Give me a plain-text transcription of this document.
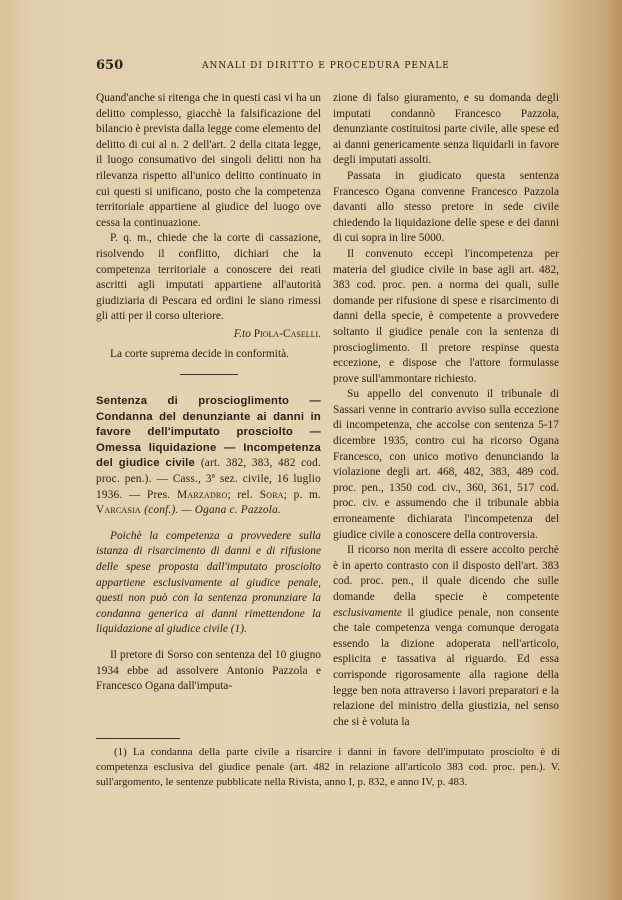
650	ANNALI DI DIRITTO E PROCEDURA PENALE

Quand'anche si ritenga che in questi casi vi ha un delitto complesso, giacchè la falsificazione del bilancio è prevista dalla legge come elemento del delitto di cui al n. 2 dell'art. 2 della citata legge, il luogo consumativo dei singoli delitti non ha rilevanza rispetto all'unico delitto continuato in cui questi si unificano, posto che la competenza territoriale appartiene al giudice del luogo ove cessa la continuazione.

P. q. m., chiede che la corte di cassazione, risolvendo il conflitto, dichiari che la competenza territoriale a conoscere dei reati ascritti agli imputati appartiene all'autorità giudiziaria di Pescara ed ordini le siano rimessi gli atti per il corso ulteriore.

F.to Piola-Caselli.

La corte suprema decide in conformità.

Sentenza di proscioglimento — Condanna del denunziante ai danni in favore dell'imputato prosciolto — Omessa liquidazione — Incompetenza del giudice civile (art. 382, 383, 482 cod. proc. pen.). — Cass., 3ª sez. civile, 16 luglio 1936. — Pres. Marzadro; rel. Sora; p. m. Varcasia (conf.). — Ogana c. Pazzola.

Poichè la competenza a provvedere sulla istanza di risarcimento di danni e di rifusione delle spese proposta dall'imputato prosciolto appartiene esclusivamente al giudice penale, questi non può con la sentenza pronunziare la condanna generica ai danni rimettendone la liquidazione al giudice civile (1).

Il pretore di Sorso con sentenza del 10 giugno 1934 ebbe ad assolvere Antonio Pazzola e Francesco Ogana dall'imputa-

zione di falso giuramento, e su domanda degli imputati condannò Francesco Pazzola, denunziante costituitosi parte civile, alle spese ed ai danni genericamente senza liquidarli in favore degli imputati assolti.

Passata in giudicato questa sentenza Francesco Ogana convenne Francesco Pazzola davanti allo stesso pretore in sede civile chiedendo la liquidazione delle spese e dei danni di cui sopra in lire 5000.

Il convenuto eccepì l'incompetenza per materia del giudice civile in base agli art. 482, 383 cod. proc. pen. a norma dei quali, sulle domande per rifusione di spese e risarcimento di danni della specie, è competente a provvedere soltanto il giudice penale con la sentenza di proscioglimento. Il pretore respinse questa eccezione, e dispose che l'attore formulasse prove sull'ammontare richiesto.

Su appello del convenuto il tribunale di Sassari venne in contrario avviso sulla eccezione di incompetenza, che accolse con sentenza 5-17 dicembre 1935, contro cui ha ricorso Ogana Francesco, con unico motivo denunciando la violazione degli art. 468, 482, 383, 489 cod. proc. pen., 1350 cod. civ., 360, 361, 517 cod. proc. civ. e assumendo che il tribunale abbia erroneamente dichiarata l'incompetenza del giudice civile a conoscere della controversia.

Il ricorso non merita di essere accolto perchè è in aperto contrasto con il disposto dell'art. 383 cod. proc. pen., il quale dicendo che sulle domande della specie è competente esclusivamente il giudice penale, non consente che tale competenza venga comunque derogata essendo la dizione adoperata nell'articolo, esplicita e tassativa al riguardo. Ed essa corrisponde rigorosamente alla ragione della legge ben nota attraverso i lavori preparatori e la relazione del ministro della giustizia, nel senso che si è voluta la

(1) La condanna della parte civile a risarcire i danni in favore dell'imputato prosciolto è di competenza esclusiva del giudice penale (art. 482 in relazione all'articolo 383 cod. proc. pen.). V. sull'argomento, le sentenze pubblicate nella Rivista, anno I, p. 832, e anno IV, p. 483.
